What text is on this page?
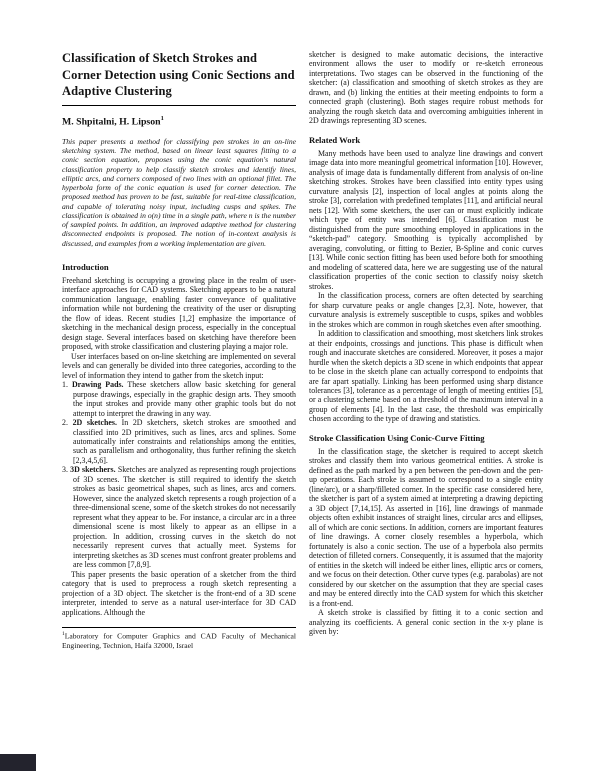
Classification of Sketch Strokes and Corner Detection using Conic Sections and Adaptive Clustering
M. Shpitalni, H. Lipson$^1$
This paper presents a method for classifying pen strokes in an on-line sketching system. The method, based on linear least squares fitting to a conic section equation, proposes using the conic equation's natural classification property to help classify sketch strokes and identify lines, elliptic arcs, and corners composed of two lines with an optional fillet. The hyperbola form of the conic equation is used for corner detection. The proposed method has proven to be fast, suitable for real-time classification, and capable of tolerating noisy input, including cusps and spikes. The classification is obtained in o(n) time in a single path, where n is the number of sampled points. In addition, an improved adaptive method for clustering disconnected endpoints is proposed. The notion of in-context analysis is discussed, and examples from a working implementation are given.
Introduction
Freehand sketching is occupying a growing place in the realm of user-interface approaches for CAD systems. Sketching appears to be a natural communication language, enabling faster conveyance of qualitative information while not burdening the creativity of the user or disrupting the flow of ideas. Recent studies [1,2] emphasize the importance of sketching in the mechanical design process, especially in the conceptual design stage. Several interfaces based on sketching have therefore been proposed, with stroke classification and clustering playing a major role.
User interfaces based on on-line sketching are implemented on several levels and can generally be divided into three categories, according to the level of information they intend to gather from the sketch input:
1. Drawing Pads. These sketchers allow basic sketching for general purpose drawings, especially in the graphic design arts. They smooth the input strokes and provide many other graphic tools but do not attempt to interpret the drawing in any way.
2. 2D sketches. In 2D sketchers, sketch strokes are smoothed and classified into 2D primitives, such as lines, arcs and splines. Some automatically infer constraints and relationships among the entities, such as parallelism and orthogonality, thus further refining the sketch [2,3,4,5,6].
3. 3D sketchers. Sketches are analyzed as representing rough projections of 3D scenes. The sketcher is still required to identify the sketch strokes as basic geometrical shapes, such as lines, arcs and corners. However, since the analyzed sketch represents a rough projection of a three-dimensional scene, some of the sketch strokes do not necessarily represent what they appear to be. For instance, a circular arc in a three dimensional scene is most likely to appear as an ellipse in a projection. In addition, crossing curves in the sketch do not necessarily represent curves that actually meet. Systems for interpreting sketches as 3D scenes must confront greater problems and are less common [7,8,9].
This paper presents the basic operation of a sketcher from the third category that is used to preprocess a rough sketch representing a projection of a 3D object. The sketcher is the front-end of a 3D scene interpreter, intended to serve as a natural user-interface for 3D CAD applications. Although the
$^1$Laboratory for Computer Graphics and CAD Faculty of Mechanical Engineering, Technion, Haifa 32000, Israel
sketcher is designed to make automatic decisions, the interactive environment allows the user to modify or re-sketch erroneous interpretations. Two stages can be observed in the functioning of the sketcher: (a) classification and smoothing of sketch strokes as they are drawn, and (b) linking the entities at their meeting endpoints to form a connected graph (clustering). Both stages require robust methods for analyzing the rough sketch data and overcoming ambiguities inherent in 2D drawings representing 3D scenes.
Related Work
Many methods have been used to analyze line drawings and convert image data into more meaningful geometrical information [10]. However, analysis of image data is fundamentally different from analysis of on-line sketching strokes. Strokes have been classified into entity types using curvature analysis [2], inspection of local angles at points along the stroke [3], correlation with predefined templates [11], and artificial neural nets [12]. With some sketchers, the user can or must explicitly indicate which type of entity was intended [6]. Classification must be distinguished from the pure smoothing employed in applications in the “sketch-pad” category. Smoothing is typically accomplished by averaging, convoluting, or fitting to Bezier, B-Spline and conic curves [13]. While conic section fitting has been used before both for smoothing and modeling of scattered data, here we are suggesting use of the natural classification properties of the conic section to classify noisy sketch strokes.
In the classification process, corners are often detected by searching for sharp curvature peaks or angle changes [2,3]. Note, however, that curvature analysis is extremely susceptible to cusps, spikes and wobbles in the strokes which are common in rough sketches even after smoothing.
In addition to classification and smoothing, most sketchers link strokes at their endpoints, crossings and junctions. This phase is difficult when rough and inaccurate sketches are considered. Moreover, it poses a major hurdle when the sketch depicts a 3D scene in which endpoints that appear to be close in the sketch plane can actually correspond to endpoints that are far apart spatially. Linking has been performed using sharp distance tolerances [3], tolerance as a percentage of length of meeting entities [5], or a clustering scheme based on a threshold of the maximum interval in a group of elements [4]. In the last case, the threshold was empirically chosen according to the type of drawing and statistics.
Stroke Classification Using Conic-Curve Fitting
In the classification stage, the sketcher is required to accept sketch strokes and classify them into various geometrical entities. A stroke is defined as the path marked by a pen between the pen-down and the pen-up operations. Each stroke is assumed to correspond to a single entity (line/arc), or a sharp/filleted corner. In the specific case considered here, the sketcher is part of a system aimed at interpreting a drawing depicting a 3D object [7,14,15]. As asserted in [16], line drawings of manmade objects often exhibit instances of straight lines, circular arcs and ellipses, all of which are conic sections. In addition, corners are important features of line drawings. A corner closely resembles a hyperbola, which fortunately is also a conic section. The use of a hyperbola also permits detection of filleted corners. Consequently, it is assumed that the majority of entities in the sketch will indeed be either lines, elliptic arcs or corners, and we focus on their detection. Other curve types (e.g. parabolas) are not considered by our sketcher on the assumption that they are special cases and may be entered directly into the CAD system for which this sketcher is a front-end.
A sketch stroke is classified by fitting it to a conic section and analyzing its coefficients. A general conic section in the x-y plane is given by:
